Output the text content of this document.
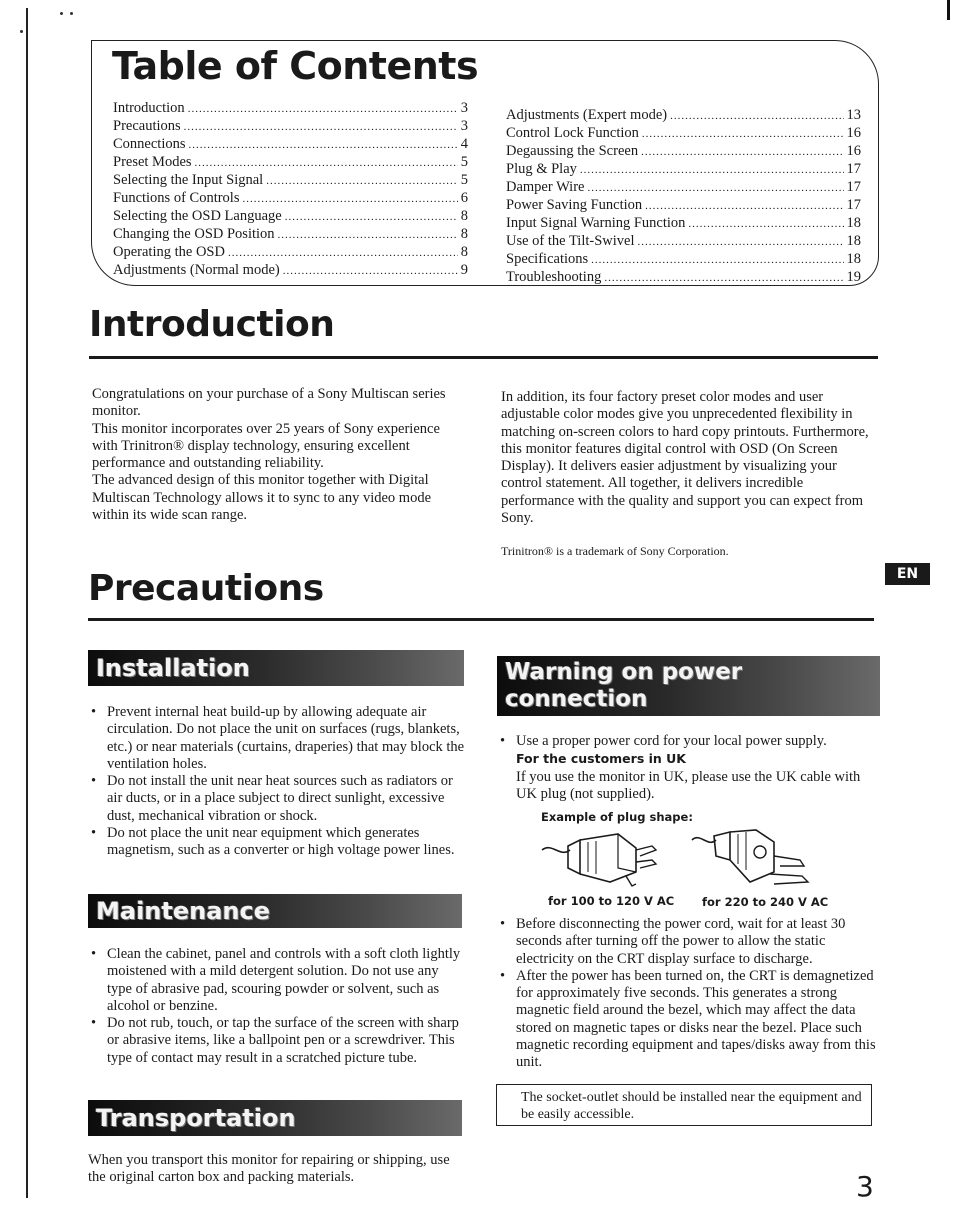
Table of Contents
Introduction .....	3
Precautions .....	3
Connections .....	4
Preset Modes .....	5
Selecting the Input Signal .....	5
Functions of Controls .....	6
Selecting the OSD Language .....	8
Changing the OSD Position .....	8
Operating the OSD .....	8
Adjustments (Normal mode) .....	9
Adjustments (Expert mode) .....	13
Control Lock Function .....	16
Degaussing the Screen .....	16
Plug & Play .....	17
Damper Wire .....	17
Power Saving Function .....	17
Input Signal Warning Function .....	18
Use of the Tilt-Swivel .....	18
Specifications .....	18
Troubleshooting .....	19
Introduction

Congratulations on your purchase of a Sony Multiscan series monitor.

This monitor incorporates over 25 years of Sony experience with Trinitron® display technology, ensuring excellent performance and outstanding reliability.

The advanced design of this monitor together with Digital Multiscan Technology allows it to sync to any video mode within its wide scan range.

In addition, its four factory preset color modes and user adjustable color modes give you unprecedented flexibility in matching on-screen colors to hard copy printouts. Furthermore, this monitor features digital control with OSD (On Screen Display). It delivers easier adjustment by visualizing your control statement. All together, it delivers incredible performance with the quality and support you can expect from Sony.

Trinitron® is a trademark of Sony Corporation.
EN
Precautions
Installation
• Prevent internal heat build-up by allowing adequate air circulation. Do not place the unit on surfaces (rugs, blankets, etc.) or near materials (curtains, draperies) that may block the ventilation holes.
• Do not install the unit near heat sources such as radiators or air ducts, or in a place subject to direct sunlight, excessive dust, mechanical vibration or shock.
• Do not place the unit near equipment which generates magnetism, such as a converter or high voltage power lines.
Maintenance
• Clean the cabinet, panel and controls with a soft cloth lightly moistened with a mild detergent solution. Do not use any type of abrasive pad, scouring powder or solvent, such as alcohol or benzine.
• Do not rub, touch, or tap the surface of the screen with sharp or abrasive items, like a ballpoint pen or a screwdriver. This type of contact may result in a scratched picture tube.
Transportation
When you transport this monitor for repairing or shipping, use the original carton box and packing materials.
Warning on power
connection
• Use a proper power cord for your local power supply.
For the customers in UK
If you use the monitor in UK, please use the UK cable with UK plug (not supplied).
Example of plug shape:
for 100 to 120 V AC for 220 to 240 V AC
• Before disconnecting the power cord, wait for at least 30 seconds after turning off the power to allow the static electricity on the CRT display surface to discharge.
• After the power has been turned on, the CRT is demagnetized for approximately five seconds. This generates a strong magnetic field around the bezel, which may affect the data stored on magnetic tapes or disks near the bezel. Place such magnetic recording equipment and tapes/disks away from this unit.
The socket-outlet should be installed near the equipment and be easily accessible.
3
